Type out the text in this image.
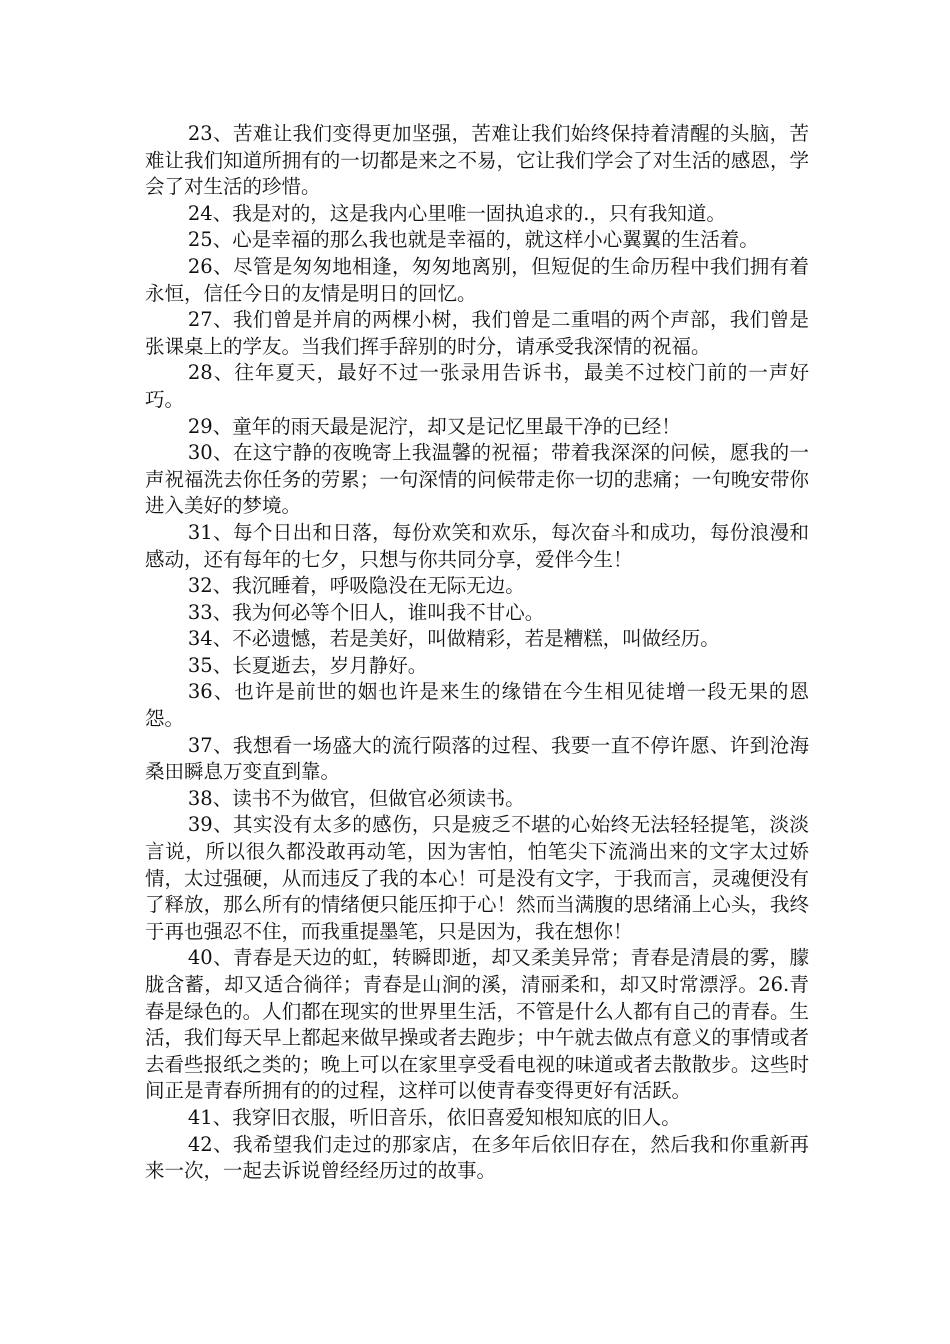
23、苦难让我们变得更加坚强，苦难让我们始终保持着清醒的头脑，苦难让我们知道所拥有的一切都是来之不易，它让我们学会了对生活的感恩，学会了对生活的珍惜。

24、我是对的，这是我内心里唯一固执追求的.，只有我知道。

25、心是幸福的那么我也就是幸福的，就这样小心翼翼的生活着。

26、尽管是匆匆地相逢，匆匆地离别，但短促的生命历程中我们拥有着永恒，信任今日的友情是明日的回忆。

27、我们曾是并肩的两棵小树，我们曾是二重唱的两个声部，我们曾是张课桌上的学友。当我们挥手辞别的时分，请承受我深情的祝福。

28、往年夏天，最好不过一张录用告诉书，最美不过校门前的一声好巧。

29、童年的雨天最是泥泞，却又是记忆里最干净的已经！

30、在这宁静的夜晚寄上我温馨的祝福；带着我深深的问候，愿我的一声祝福洗去你任务的劳累；一句深情的问候带走你一切的悲痛；一句晚安带你进入美好的梦境。

31、每个日出和日落，每份欢笑和欢乐，每次奋斗和成功，每份浪漫和感动，还有每年的七夕，只想与你共同分享，爱伴今生！

32、我沉睡着，呼吸隐没在无际无边。

33、我为何必等个旧人，谁叫我不甘心。

34、不必遗憾，若是美好，叫做精彩，若是糟糕，叫做经历。

35、长夏逝去，岁月静好。

36、也许是前世的姻也许是来生的缘错在今生相见徒增一段无果的恩怨。

37、我想看一场盛大的流行陨落的过程、我要一直不停许愿、许到沧海桑田瞬息万变直到靠。

38、读书不为做官，但做官必须读书。

39、其实没有太多的感伤，只是疲乏不堪的心始终无法轻轻提笔，淡淡言说，所以很久都没敢再动笔，因为害怕，怕笔尖下流淌出来的文字太过娇情，太过强硬，从而违反了我的本心！可是没有文字，于我而言，灵魂便没有了释放，那么所有的情绪便只能压抑于心！然而当满腹的思绪涌上心头，我终于再也强忍不住，而我重提墨笔，只是因为，我在想你！

40、青春是天边的虹，转瞬即逝，却又柔美异常；青春是清晨的雾，朦胧含蓄，却又适合徜徉；青春是山涧的溪，清丽柔和，却又时常漂浮。26.青春是绿色的。人们都在现实的世界里生活，不管是什么人都有自己的青春。生活，我们每天早上都起来做早操或者去跑步；中午就去做点有意义的事情或者去看些报纸之类的；晚上可以在家里享受看电视的味道或者去散散步。这些时间正是青春所拥有的的过程，这样可以使青春变得更好有活跃。

41、我穿旧衣服，听旧音乐，依旧喜爱知根知底的旧人。

42、我希望我们走过的那家店，在多年后依旧存在，然后我和你重新再来一次，一起去诉说曾经经历过的故事。
